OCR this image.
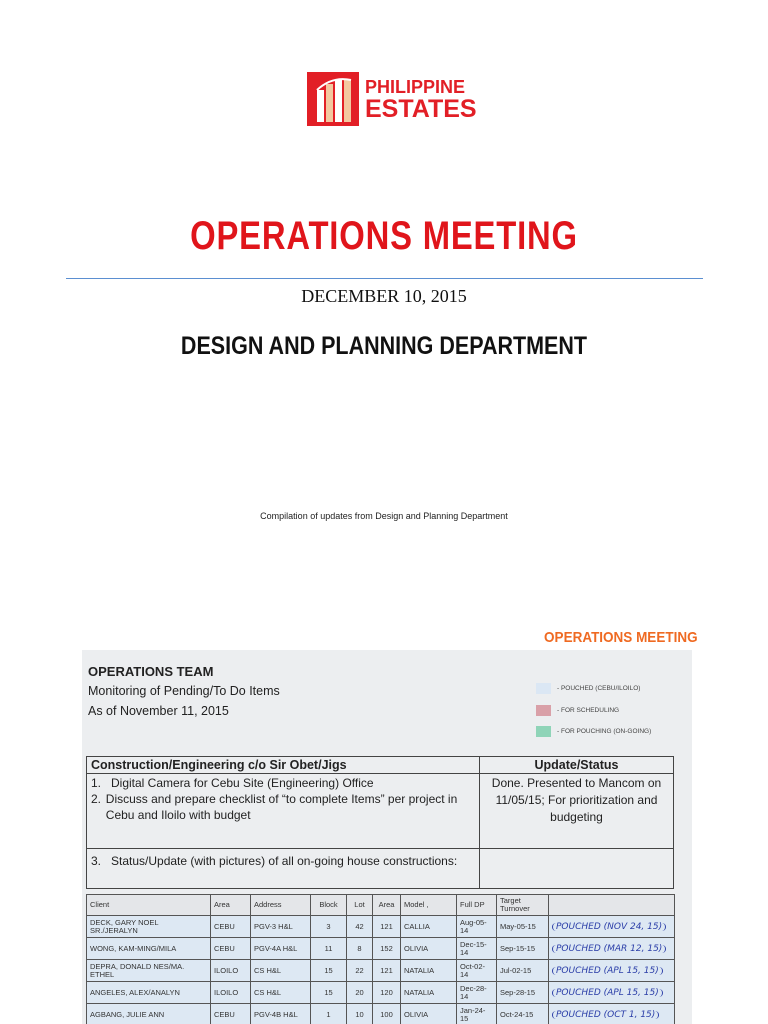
PHILIPPINE
ESTATES
OPERATIONS MEETING
DECEMBER 10, 2015
DESIGN AND PLANNING DEPARTMENT
Compilation of updates from Design and Planning Department
OPERATIONS MEETING
OPERATIONS TEAM
Monitoring of Pending/To Do Items
As of November 11, 2015
- POUCHED (CEBU/ILOILO)
- FOR SCHEDULING
- FOR POUCHING (ON-GOING)
Construction/Engineering c/o Sir Obet/Jigs	Update/Status

1. Digital Camera for Cebu Site (Engineering) Office
2. Discuss and prepare checklist of “to complete Items” per project in Cebu and Iloilo with budget	Done. Presented to Mancom on 11/05/15; For prioritization and budgeting

3. Status/Update (with pictures) of all on-going house constructions:	

Client	Area	Address	Block	Lot	Area	Model ,	Full DP	Target Turnover	
DECK, GARY NOEL SR./JERALYN	CEBU	PGV-3 H&L	3	42	121	CALLIA	Aug-05-14	May-05-15	POUCHED (NOV 24, 15)
WONG, KAM-MING/MILA	CEBU	PGV-4A H&L	11	8	152	OLIVIA	Dec-15-14	Sep-15-15	POUCHED (MAR 12, 15)
DEPRA, DONALD NES/MA. ETHEL	ILOILO	CS H&L	15	22	121	NATALIA	Oct-02-14	Jul-02-15	POUCHED (APL 15, 15)
ANGELES, ALEX/ANALYN	ILOILO	CS H&L	15	20	120	NATALIA	Dec-28-14	Sep-28-15	POUCHED (APL 15, 15)
AGBANG, JULIE ANN	CEBU	PGV-4B H&L	1	10	100	OLIVIA	Jan-24-15	Oct-24-15	POUCHED (OCT 1, 15)
